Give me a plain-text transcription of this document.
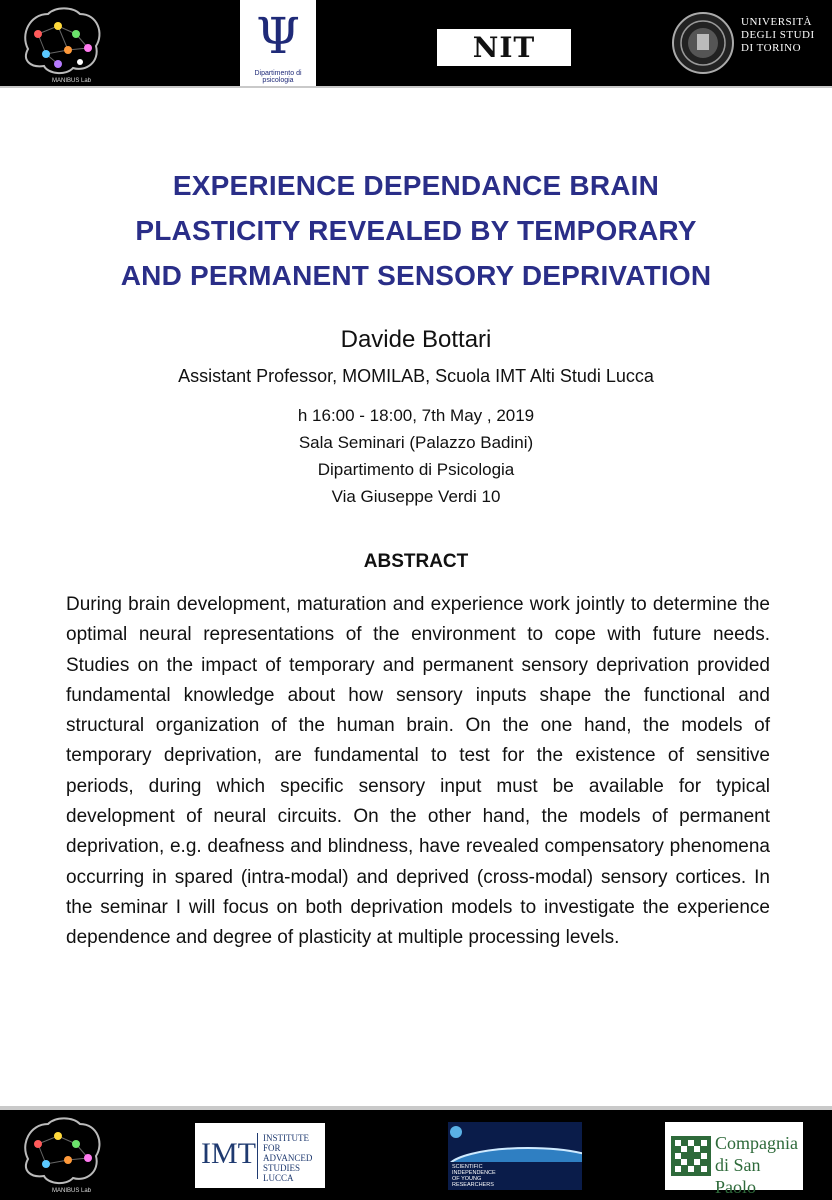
MANIBUS Lab
Ψ
Dipartimento di psicologia
NIT
UNIVERSITÀ
DEGLI STUDI
DI TORINO
EXPERIENCE DEPENDANCE BRAIN
PLASTICITY REVEALED BY TEMPORARY
AND PERMANENT SENSORY DEPRIVATION
Davide Bottari
Assistant Professor, MOMILAB, Scuola IMT Alti Studi Lucca
h 16:00 - 18:00, 7th May , 2019
Sala Seminari (Palazzo Badini)
Dipartimento di Psicologia
Via Giuseppe Verdi 10
ABSTRACT
During brain development, maturation and experience work jointly to determine the optimal neural representations of the environment to cope with future needs. Studies on the impact of temporary and permanent sensory deprivation provided fundamental knowledge about how sensory inputs shape the functional and structural organization of the human brain. On the one hand, the models of temporary deprivation, are fundamental to test for the existence of sensitive periods, during which specific sensory input must be available for typical development of neural circuits. On the other hand, the models of permanent deprivation, e.g. deafness and blindness, have revealed compensatory phenomena occurring in spared (intra-modal) and deprived (cross-modal) sensory cortices. In the seminar I will focus on both deprivation models to investigate the experience dependence and degree of plasticity at multiple processing levels.
MANIBUS Lab
IMT INSTITUTE
FOR ADVANCED
STUDIES
LUCCA
SCIENTIFIC
INDEPENDENCE
OF YOUNG
RESEARCHERS
Compagnia
di San Paolo
